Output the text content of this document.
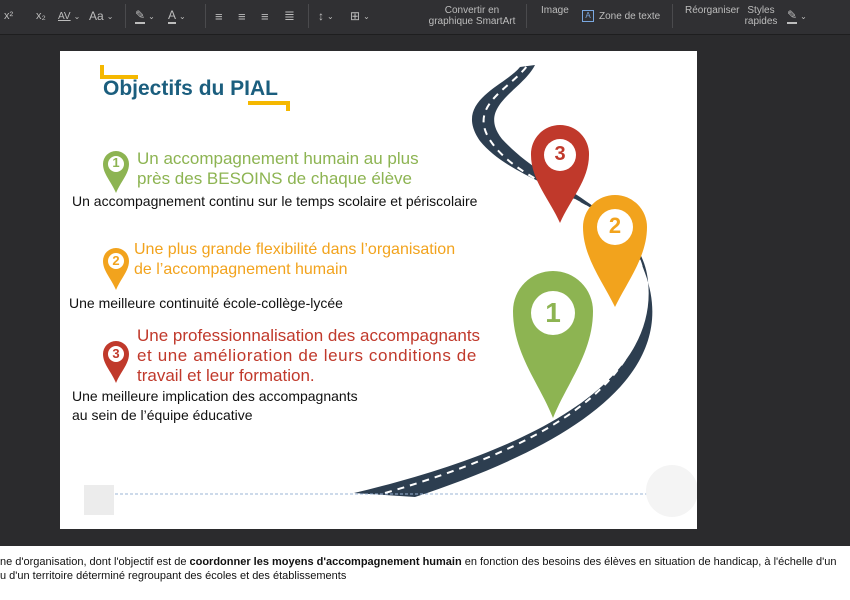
x² x₂ AV ⌄ Aa ⌄ ✎ ⌄ A ⌄ ≡ ≡ ≡ ≣ ↕ ⌄ ⊞ ⌄	Convertir en
graphique SmartArt
Image	A Zone de texte
Réorganiser Styles
rapides ✎ ⌄
1
2
3
3
2
1
Objectifs du PIAL
Un accompagnement humain au plus
près des BESOINS de chaque élève
Un accompagnement continu sur le temps scolaire et périscolaire
Une plus grande flexibilité dans l’organisation
de l’accompagnement humain
Une meilleure continuité école-collège-lycée
Une professionnalisation des accompagnants
et une amélioration de leurs conditions de
travail et leur formation.
Une meilleure implication des accompagnants
au sein de l’équipe éducative
ne d'organisation, dont l'objectif est de coordonner les moyens d'accompagnement humain en fonction des besoins des élèves en situation de handicap, à l'échelle d'un
u d'un territoire déterminé regroupant des écoles et des établissements
